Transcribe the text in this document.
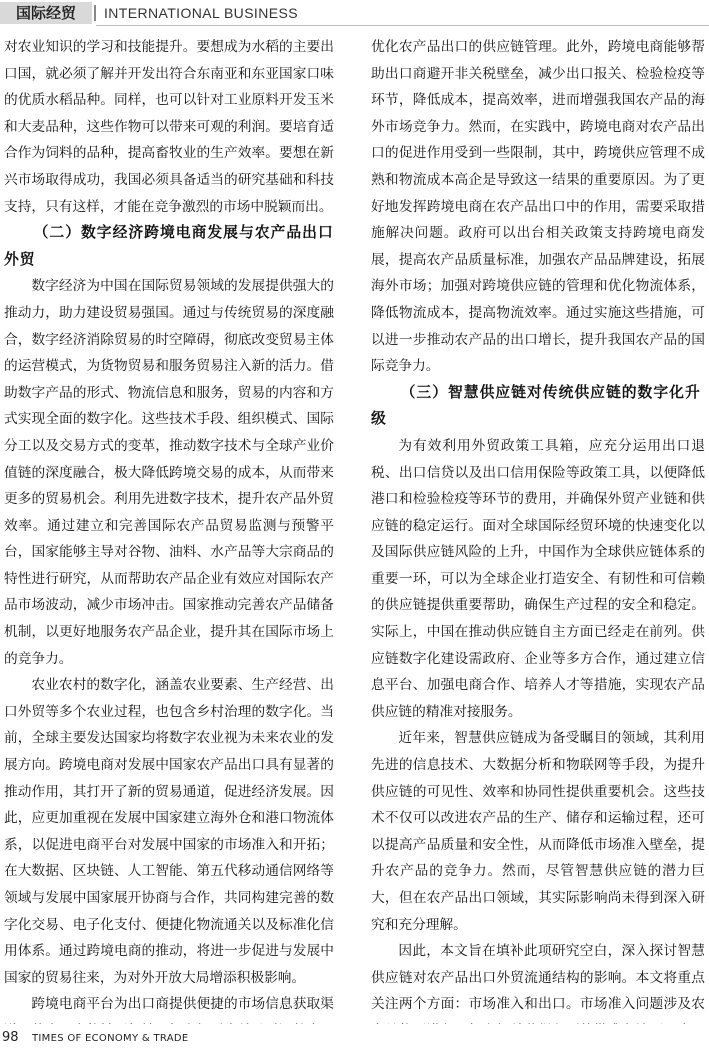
国际经贸	INTERNATIONAL BUSINESS

对农业知识的学习和技能提升。要想成为水稻的主要出口国，就必须了解并开发出符合东南亚和东亚国家口味的优质水稻品种。同样，也可以针对工业原料开发玉米和大麦品种，这些作物可以带来可观的利润。要培育适合作为饲料的品种，提高畜牧业的生产效率。要想在新兴市场取得成功，我国必须具备适当的研究基础和科技支持，只有这样，才能在竞争激烈的市场中脱颖而出。

（二）数字经济跨境电商发展与农产品出口外贸

数字经济为中国在国际贸易领域的发展提供强大的推动力，助力建设贸易强国。通过与传统贸易的深度融合，数字经济消除贸易的时空障碍，彻底改变贸易主体的运营模式，为货物贸易和服务贸易注入新的活力。借助数字产品的形式、物流信息和服务，贸易的内容和方式实现全面的数字化。这些技术手段、组织模式、国际分工以及交易方式的变革，推动数字技术与全球产业价值链的深度融合，极大降低跨境交易的成本，从而带来更多的贸易机会。利用先进数字技术，提升农产品外贸效率。通过建立和完善国际农产品贸易监测与预警平台，国家能够主导对谷物、油料、水产品等大宗商品的特性进行研究，从而帮助农产品企业有效应对国际农产品市场波动，减少市场冲击。国家推动完善农产品储备机制，以更好地服务农产品企业，提升其在国际市场上的竞争力。

农业农村的数字化，涵盖农业要素、生产经营、出口外贸等多个农业过程，也包含乡村治理的数字化。当前，全球主要发达国家均将数字农业视为未来农业的发展方向。跨境电商对发展中国家农产品出口具有显著的推动作用，其打开了新的贸易通道，促进经济发展。因此，应更加重视在发展中国家建立海外仓和港口物流体系，以促进电商平台对发展中国家的市场准入和开拓；在大数据、区块链、人工智能、第五代移动通信网络等领域与发展中国家展开协商与合作，共同构建完善的数字化交易、电子化支付、便捷化物流通关以及标准化信用体系。通过跨境电商的推动，将进一步促进与发展中国家的贸易往来，为对外开放大局增添积极影响。

跨境电商平台为出口商提供便捷的市场信息获取渠

优化农产品出口的供应链管理。此外，跨境电商能够帮助出口商避开非关税壁垒，减少出口报关、检验检疫等环节，降低成本，提高效率，进而增强我国农产品的海外市场竞争力。然而，在实践中，跨境电商对农产品出口的促进作用受到一些限制，其中，跨境供应管理不成熟和物流成本高企是导致这一结果的重要原因。为了更好地发挥跨境电商在农产品出口中的作用，需要采取措施解决问题。政府可以出台相关政策支持跨境电商发展，提高农产品质量标准，加强农产品品牌建设，拓展海外市场；加强对跨境供应链的管理和优化物流体系，降低物流成本，提高物流效率。通过实施这些措施，可以进一步推动农产品的出口增长，提升我国农产品的国际竞争力。

（三）智慧供应链对传统供应链的数字化升级

为有效利用外贸政策工具箱，应充分运用出口退税、出口信贷以及出口信用保险等政策工具，以便降低港口和检验检疫等环节的费用，并确保外贸产业链和供应链的稳定运行。面对全球国际经贸环境的快速变化以及国际供应链风险的上升，中国作为全球供应链体系的重要一环，可以为全球企业打造安全、有韧性和可信赖的供应链提供重要帮助，确保生产过程的安全和稳定。实际上，中国在推动供应链自主方面已经走在前列。供应链数字化建设需政府、企业等多方合作，通过建立信息平台、加强电商合作、培养人才等措施，实现农产品供应链的精准对接服务。

近年来，智慧供应链成为备受瞩目的领域，其利用先进的信息技术、大数据分析和物联网等手段，为提升供应链的可见性、效率和协同性提供重要机会。这些技术不仅可以改进农产品的生产、储存和运输过程，还可以提高产品质量和安全性，从而降低市场准入壁垒，提升农产品的竞争力。然而，尽管智慧供应链的潜力巨大，但在农产品出口领域，其实际影响尚未得到深入研究和充分理解。

因此，本文旨在填补此项研究空白，深入探讨智慧供应链对农产品出口外贸流通结构的影响。本文将重点关注两个方面：市场准入和出口。市场准入问题涉及农

98 TIMES OF ECONOMY & TRADE
